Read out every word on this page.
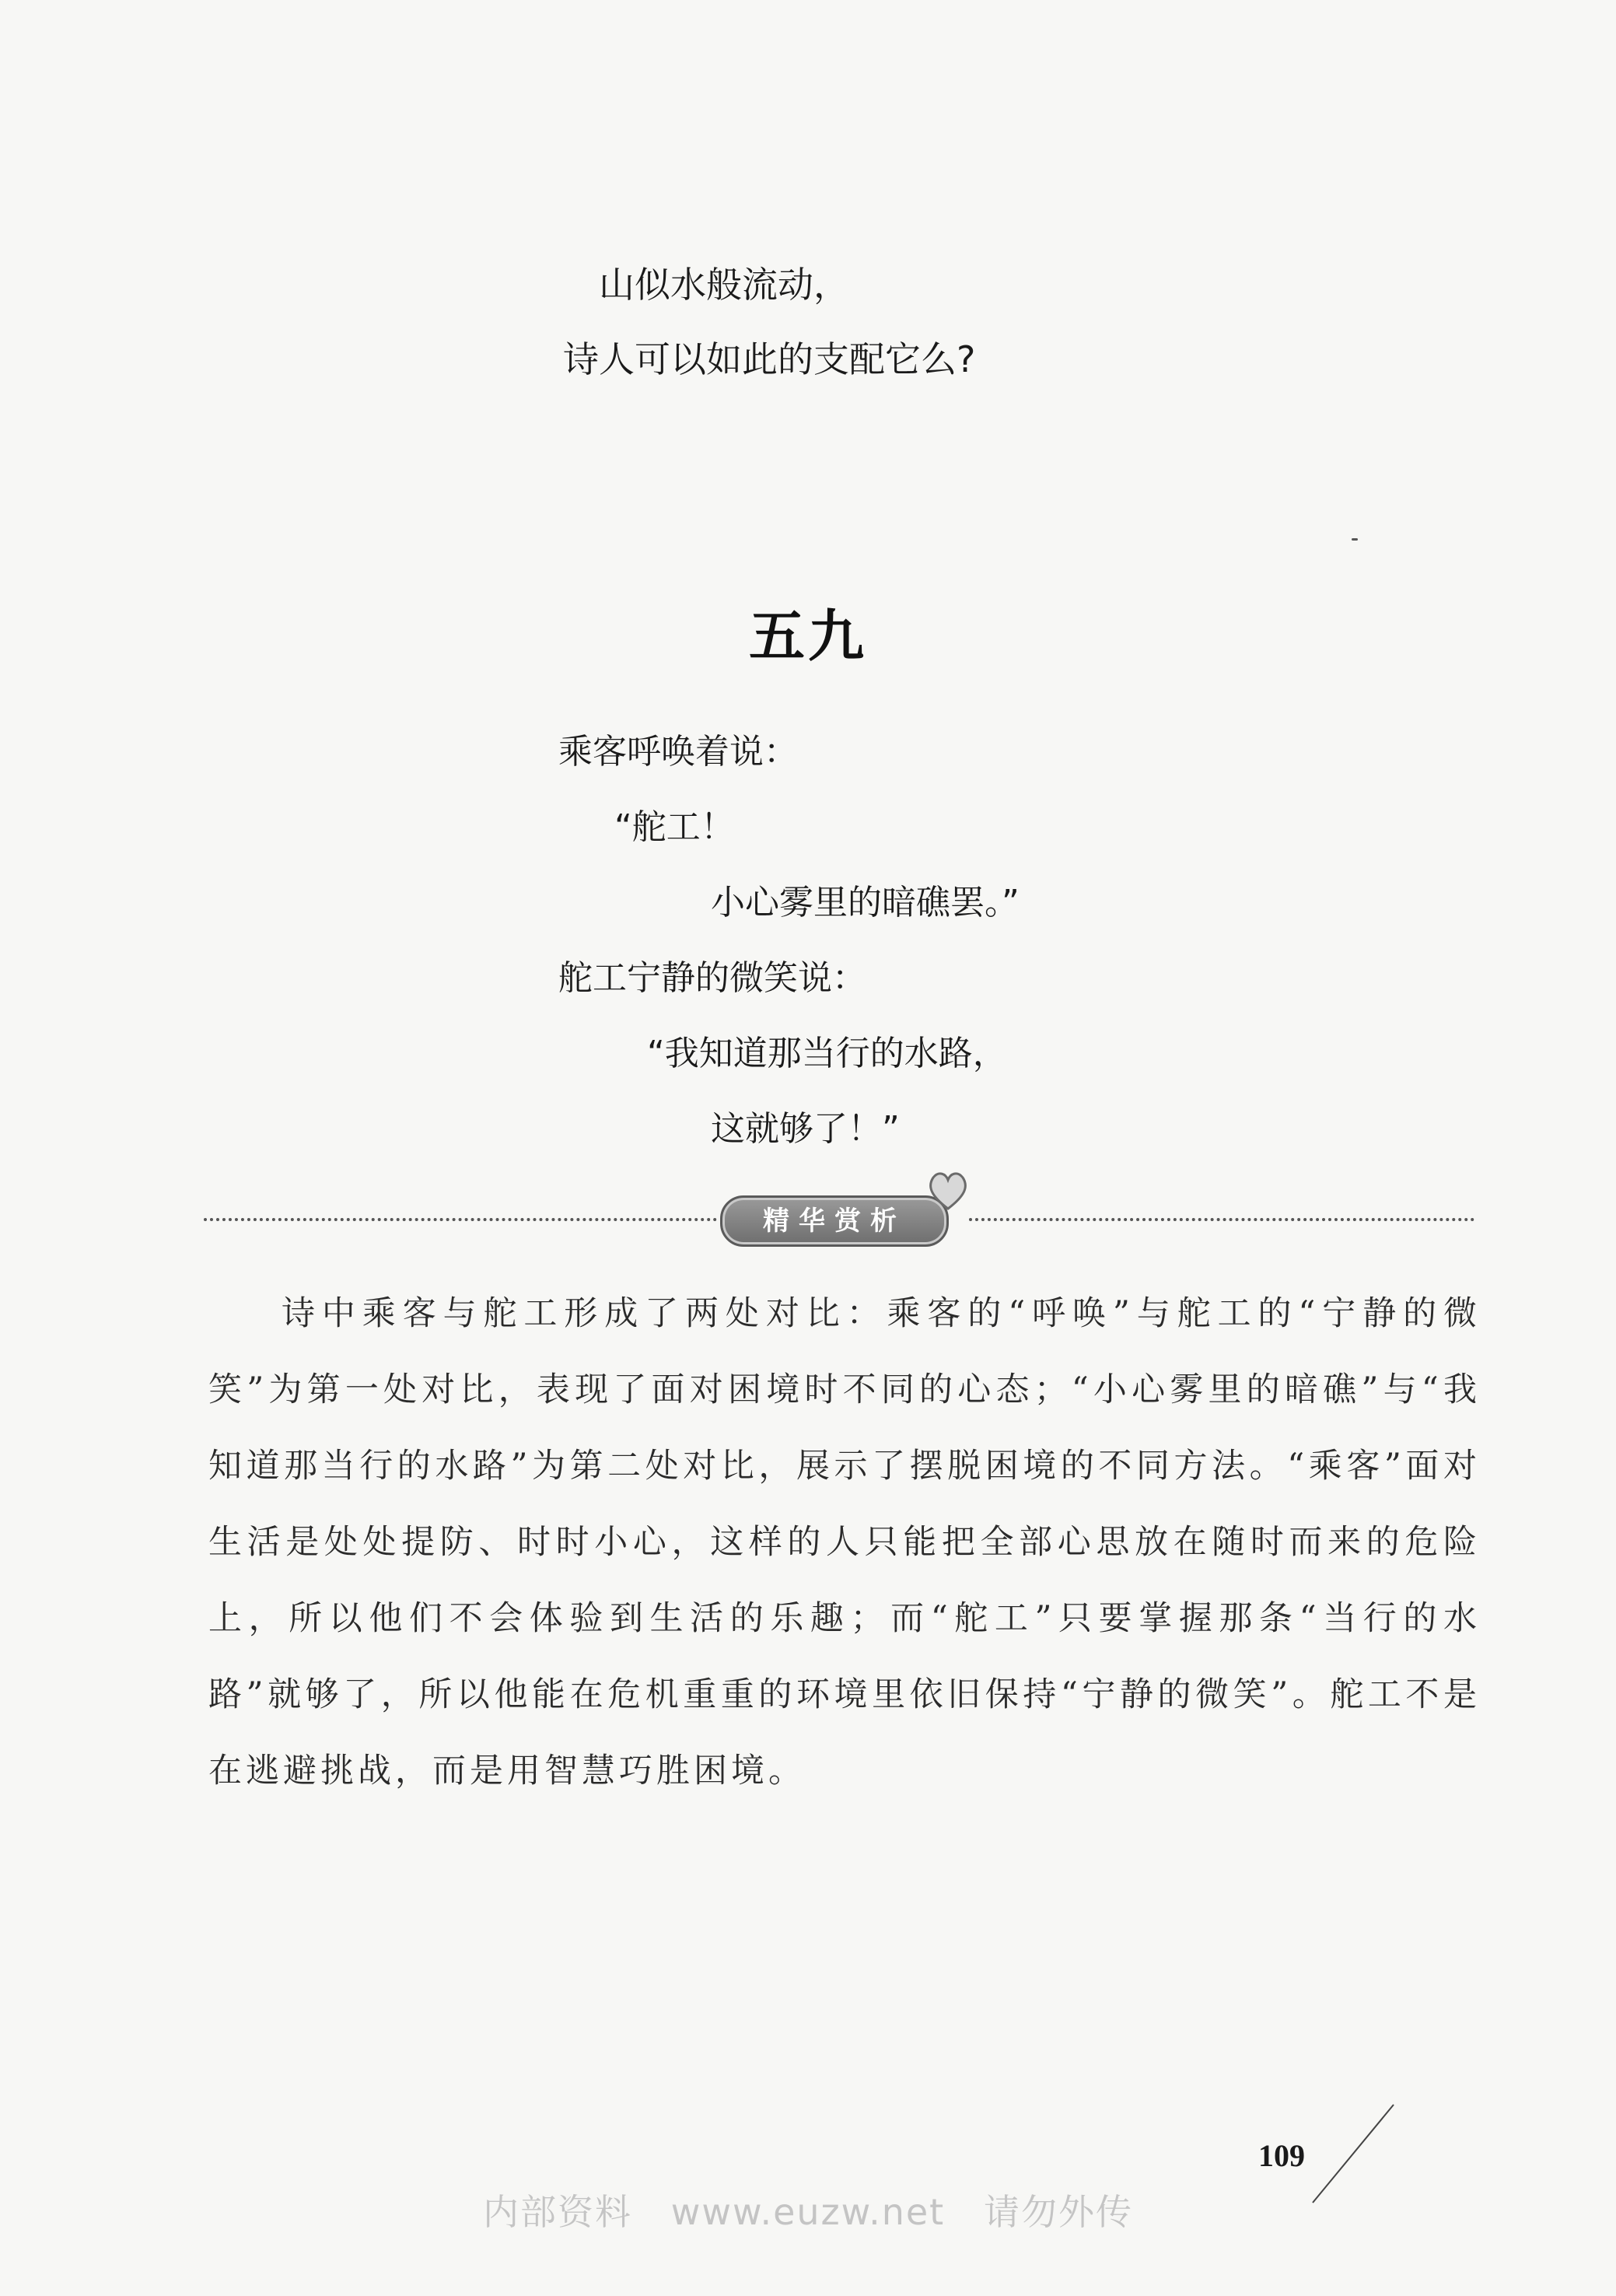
山似水般流动，
诗人可以如此的支配它么?
五九
乘客呼唤着说：
“舵工！
小心雾里的暗礁罢。”
舵工宁静的微笑说：
“我知道那当行的水路，
这就够了！”
精华赏析
诗中乘客与舵工形成了两处对比：乘客的“呼唤”与舵工的“宁静的微笑”为第一处对比，表现了面对困境时不同的心态；“小心雾里的暗礁”与“我知道那当行的水路”为第二处对比，展示了摆脱困境的不同方法。“乘客”面对生活是处处提防、时时小心，这样的人只能把全部心思放在随时而来的危险上，所以他们不会体验到生活的乐趣；而“舵工”只要掌握那条“当行的水路”就够了，所以他能在危机重重的环境里依旧保持“宁静的微笑”。舵工不是在逃避挑战，而是用智慧巧胜困境。
109
内部资料   www.euzw.net   请勿外传
